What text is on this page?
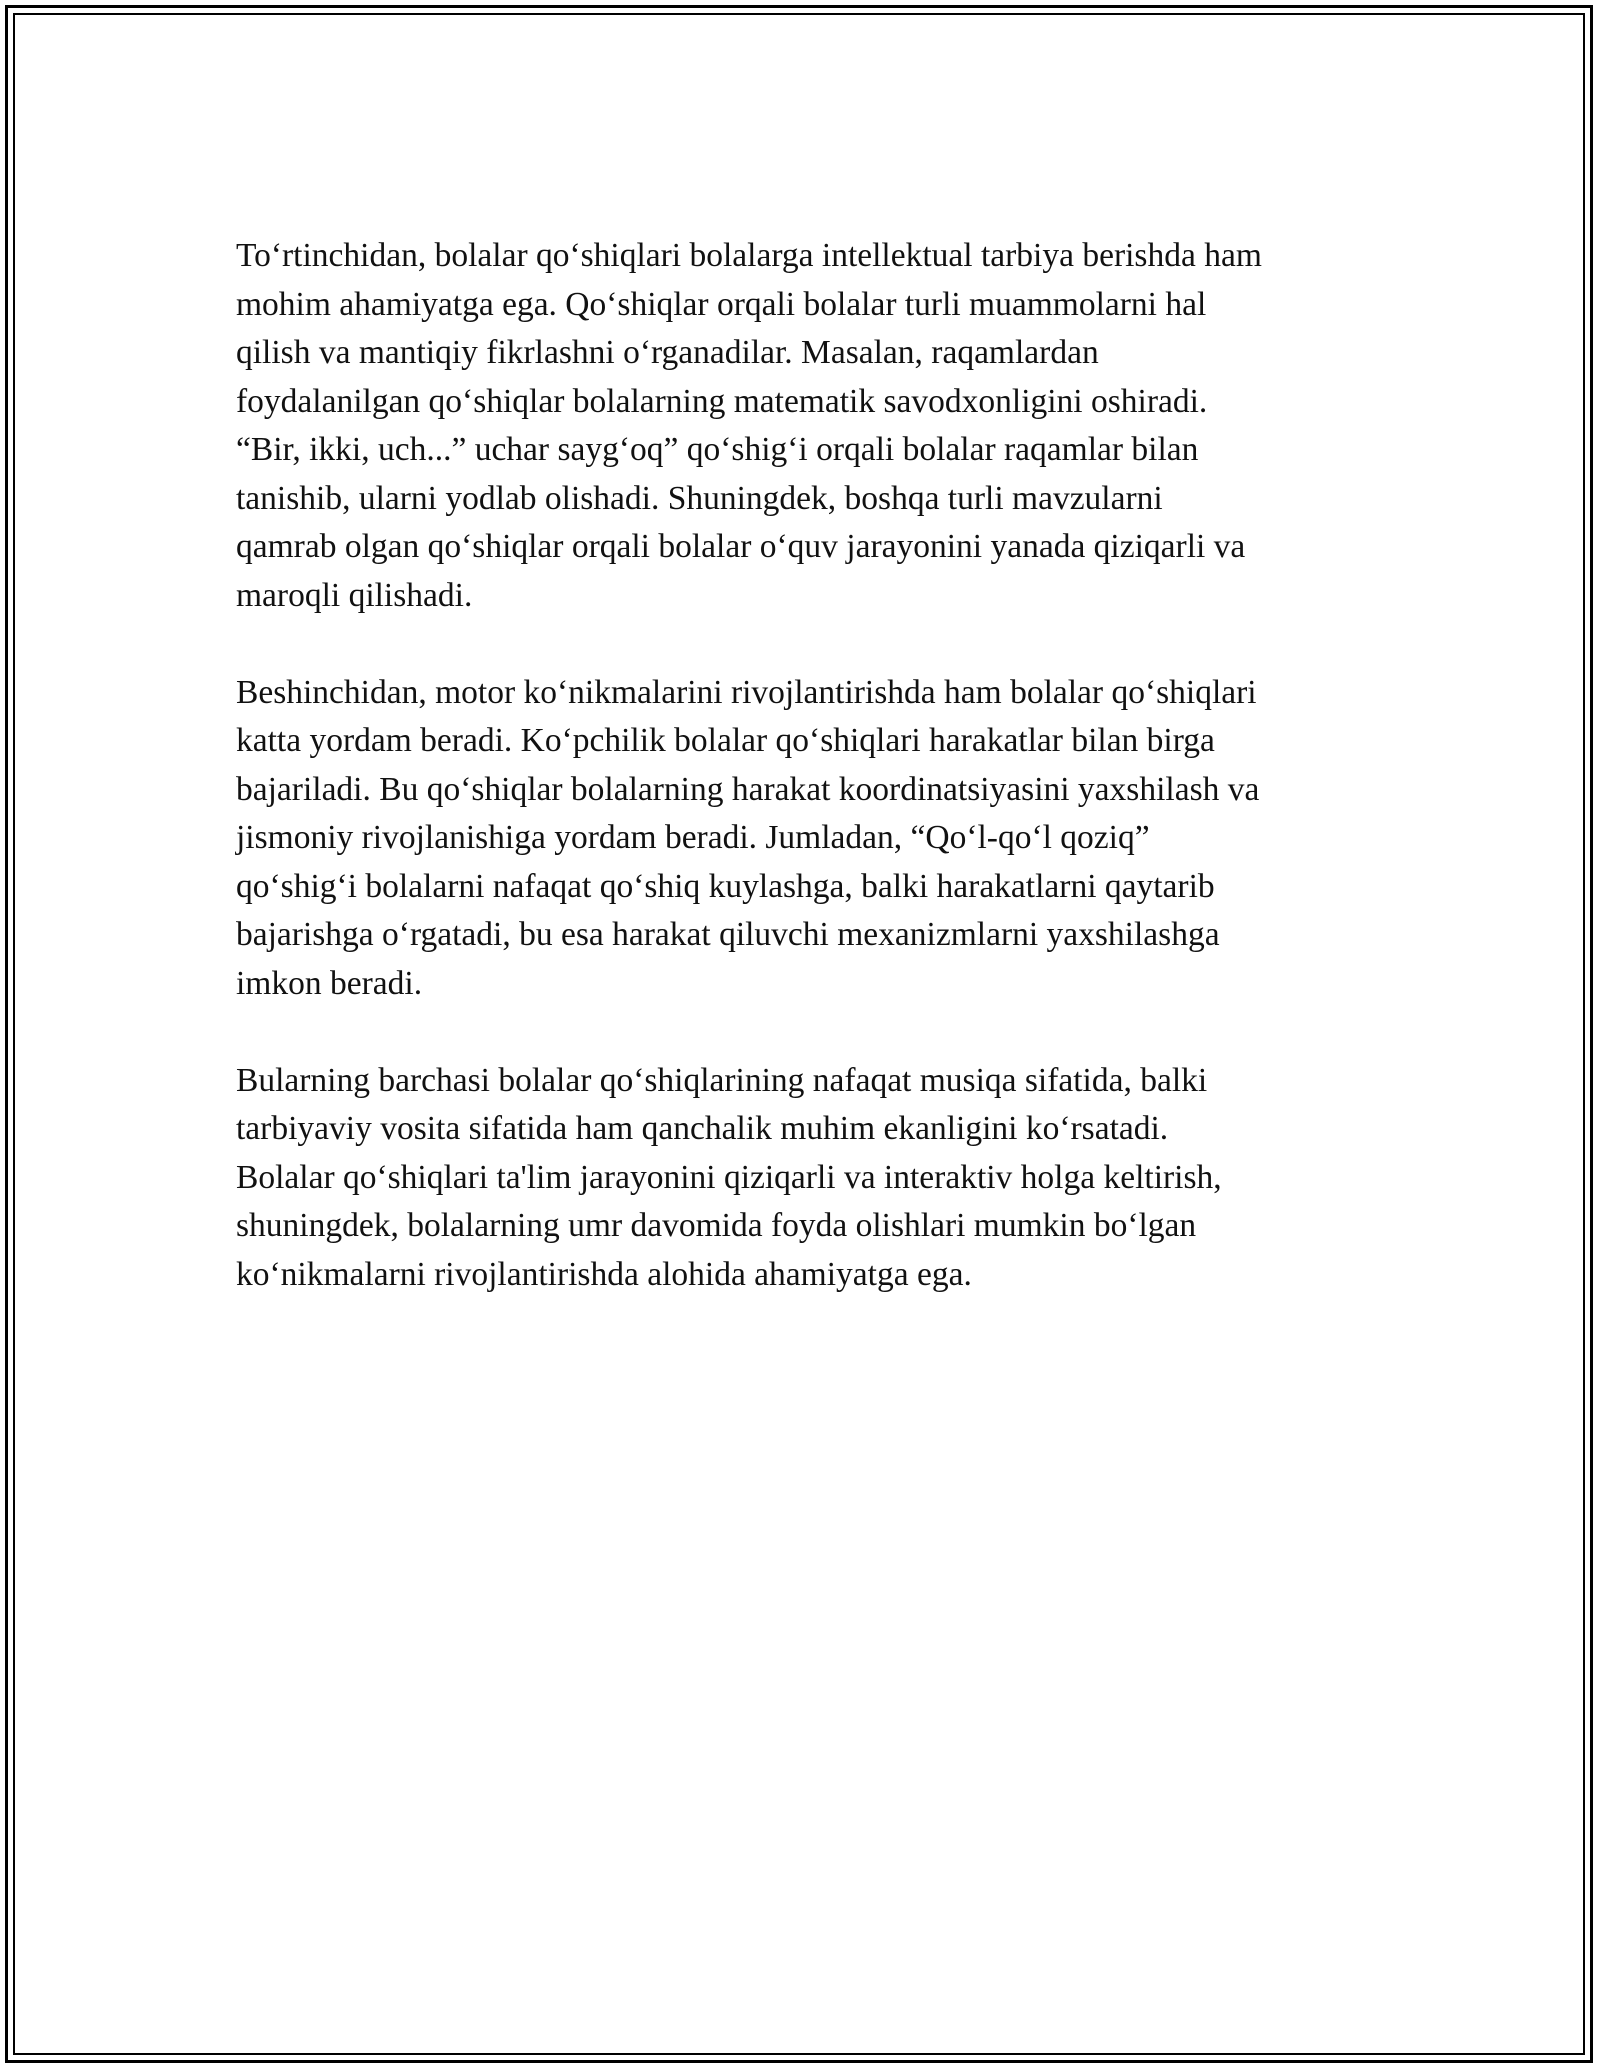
To‘rtinchidan, bolalar qo‘shiqlari bolalarga intellektual tarbiya berishda ham
mohim ahamiyatga ega. Qo‘shiqlar orqali bolalar turli muammolarni hal
qilish va mantiqiy fikrlashni o‘rganadilar. Masalan, raqamlardan
foydalanilgan qo‘shiqlar bolalarning matematik savodxonligini oshiradi.
“Bir, ikki, uch...” uchar sayg‘oq” qo‘shig‘i orqali bolalar raqamlar bilan
tanishib, ularni yodlab olishadi. Shuningdek, boshqa turli mavzularni
qamrab olgan qo‘shiqlar orqali bolalar o‘quv jarayonini yanada qiziqarli va
maroqli qilishadi.

Beshinchidan, motor ko‘nikmalarini rivojlantirishda ham bolalar qo‘shiqlari
katta yordam beradi. Ko‘pchilik bolalar qo‘shiqlari harakatlar bilan birga
bajariladi. Bu qo‘shiqlar bolalarning harakat koordinatsiyasini yaxshilash va
jismoniy rivojlanishiga yordam beradi. Jumladan, “Qo‘l-qo‘l qoziq”
qo‘shig‘i bolalarni nafaqat qo‘shiq kuylashga, balki harakatlarni qaytarib
bajarishga o‘rgatadi, bu esa harakat qiluvchi mexanizmlarni yaxshilashga
imkon beradi.

Bularning barchasi bolalar qo‘shiqlarining nafaqat musiqa sifatida, balki
tarbiyaviy vosita sifatida ham qanchalik muhim ekanligini ko‘rsatadi.
Bolalar qo‘shiqlari ta'lim jarayonini qiziqarli va interaktiv holga keltirish,
shuningdek, bolalarning umr davomida foyda olishlari mumkin bo‘lgan
ko‘nikmalarni rivojlantirishda alohida ahamiyatga ega.
